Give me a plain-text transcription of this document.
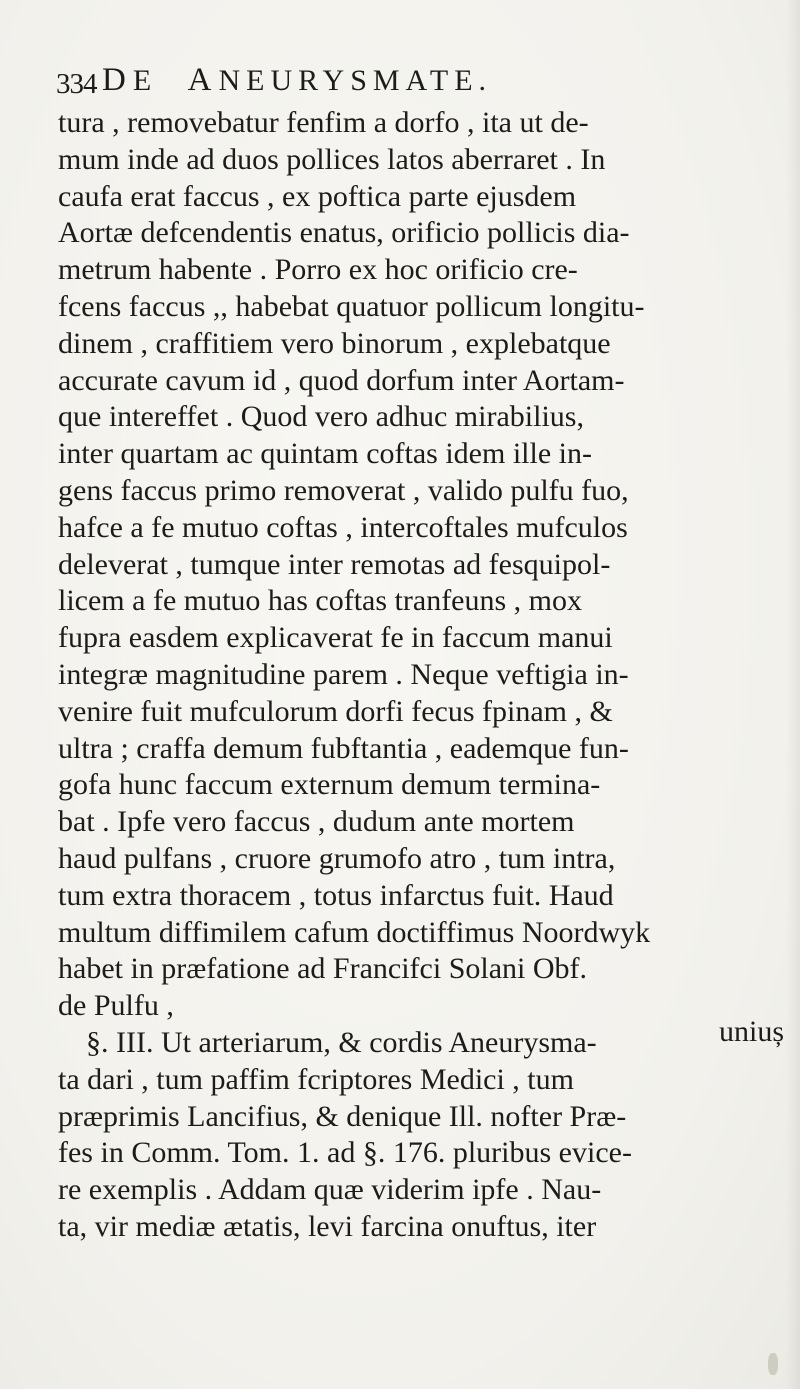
334 DE ANEURYSMATE.
tura , removebatur fenfim a dorfo , ita ut de-
mum inde ad duos pollices latos aberraret . In
caufa erat faccus , ex poftica parte ejusdem
Aortæ defcendentis enatus, orificio pollicis dia-
metrum habente . Porro ex hoc orificio cre-
fcens faccus ,, habebat quatuor pollicum longitu-
dinem , craffitiem vero binorum , explebatque
accurate cavum id , quod dorfum inter Aortam-
que intereffet . Quod vero adhuc mirabilius,
inter quartam ac quintam coftas idem ille in-
gens faccus primo removerat , valido pulfu fuo,
hafce a fe mutuo coftas , intercoftales mufculos
deleverat , tumque inter remotas ad fesquipol-
licem a fe mutuo has coftas tranfeuns , mox
fupra easdem explicaverat fe in faccum manui
integræ magnitudine parem . Neque veftigia in-
venire fuit mufculorum dorfi fecus fpinam , &
ultra ; craffa demum fubftantia , eademque fun-
gofa hunc faccum externum demum termina-
bat . Ipfe vero faccus , dudum ante mortem
haud pulfans , cruore grumofo atro , tum intra,
tum extra thoracem , totus infarctus fuit. Haud
multum diffimilem cafum doctiffimus Noordwyk
habet in præfatione ad Francifci Solani Obf.
de Pulfu ,
§. III. Ut arteriarum, & cordis Aneurysma-
ta dari , tum paffim fcriptores Medici , tum
præprimis Lancifius, & denique Ill. nofter Præ-
fes in Comm. Tom. 1. ad §. 176. pluribus evice-
re exemplis . Addam quæ viderim ipfe . Nau-
ta, vir mediæ ætatis, levi farcina onuftus, iter
uniuș
